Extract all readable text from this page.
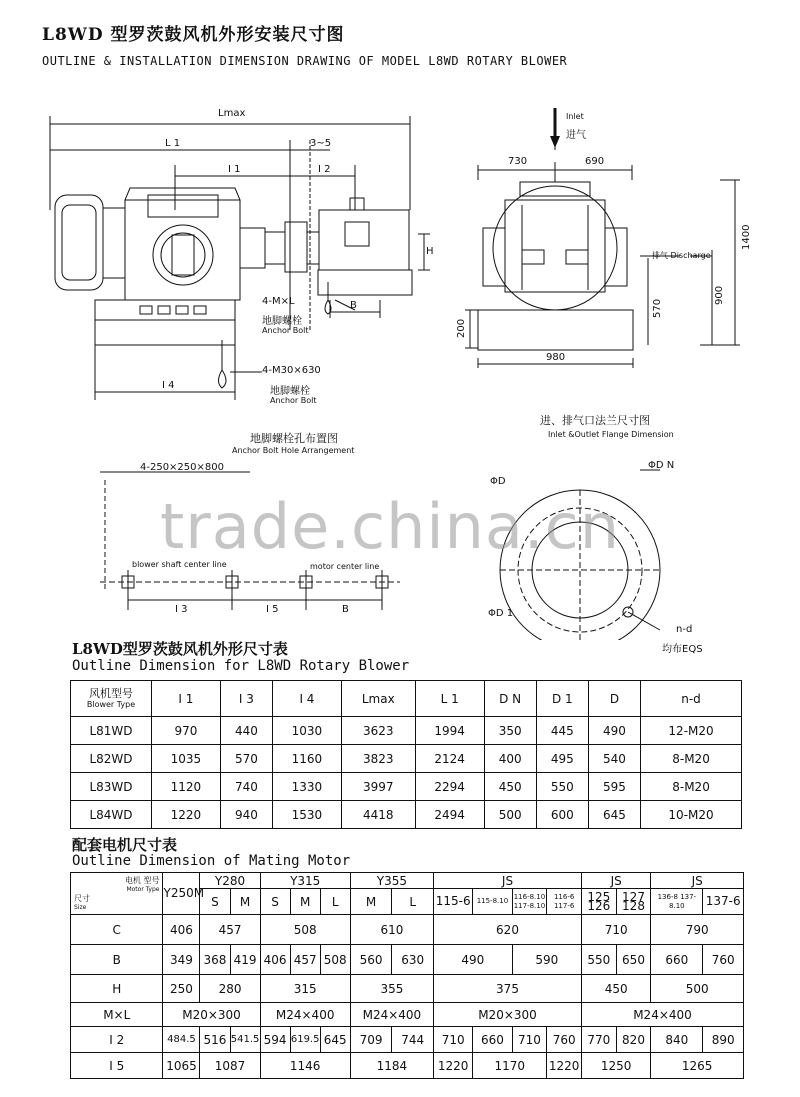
L8WD 型罗茨鼓风机外形安装尺寸图
OUTLINE & INSTALLATION DIMENSION DRAWING OF MODEL L8WD ROTARY BLOWER
Lmax
L 1	3~5
I 1	I 2
H
B
4-M×L
地脚螺栓
Anchor Bolt
I 4
4-M30×630
地脚螺栓
Anchor Bolt
Inlet
进气
730	690
排气 Discharge
1400
900
570
200
980
地脚螺栓孔布置图
Anchor Bolt Hole Arrangement
4-250×250×800
blower shaft center line	motor center line
I 3	I 5	B
进、排气口法兰尺寸图
Inlet &Outlet Flange Dimension
ΦD N
ΦD
ΦD 1
n-d
均布EQS
trade.china.cn
L8WD型罗茨鼓风机外形尺寸表
Outline Dimension for L8WD Rotary Blower
风机型号
Blower Type	I 1	I 3	I 4	Lmax	L 1	D N	D 1	D	n-d
L81WD	970	440	1030	3623	1994	350	445	490	12-M20
L82WD	1035	570	1160	3823	2124	400	495	540	8-M20
L83WD	1120	740	1330	3997	2294	450	550	595	8-M20
L84WD	1220	940	1530	4418	2494	500	600	645	10-M20
配套电机尺寸表
Outline Dimension of Mating Motor
电机 型号
Motor Type
尺寸
Size	Y250M	Y280		Y315			Y355		JS				JS		JS	
		S	M	S	M	L	M	L	115-6	115-8.10	116-8.10 117-8.10	116-6 117-6	125 126	127 128	136-8 137-8.10	137-6
C	406	457		508			610		620				710		790	
B	349	368	419	406	457	508	560	630	490		590		550	650	660	760
H	250	280		315			355		375				450		500	
M×L	M20×300			M24×400			M24×400		M20×300				M24×400			
I 2	484.5	516	541.5	594	619.5	645	709	744	710	660	710	760	770	820	840	890
I 5	1065	1087		1146			1184		1220	1170		1220	1250		1265	
